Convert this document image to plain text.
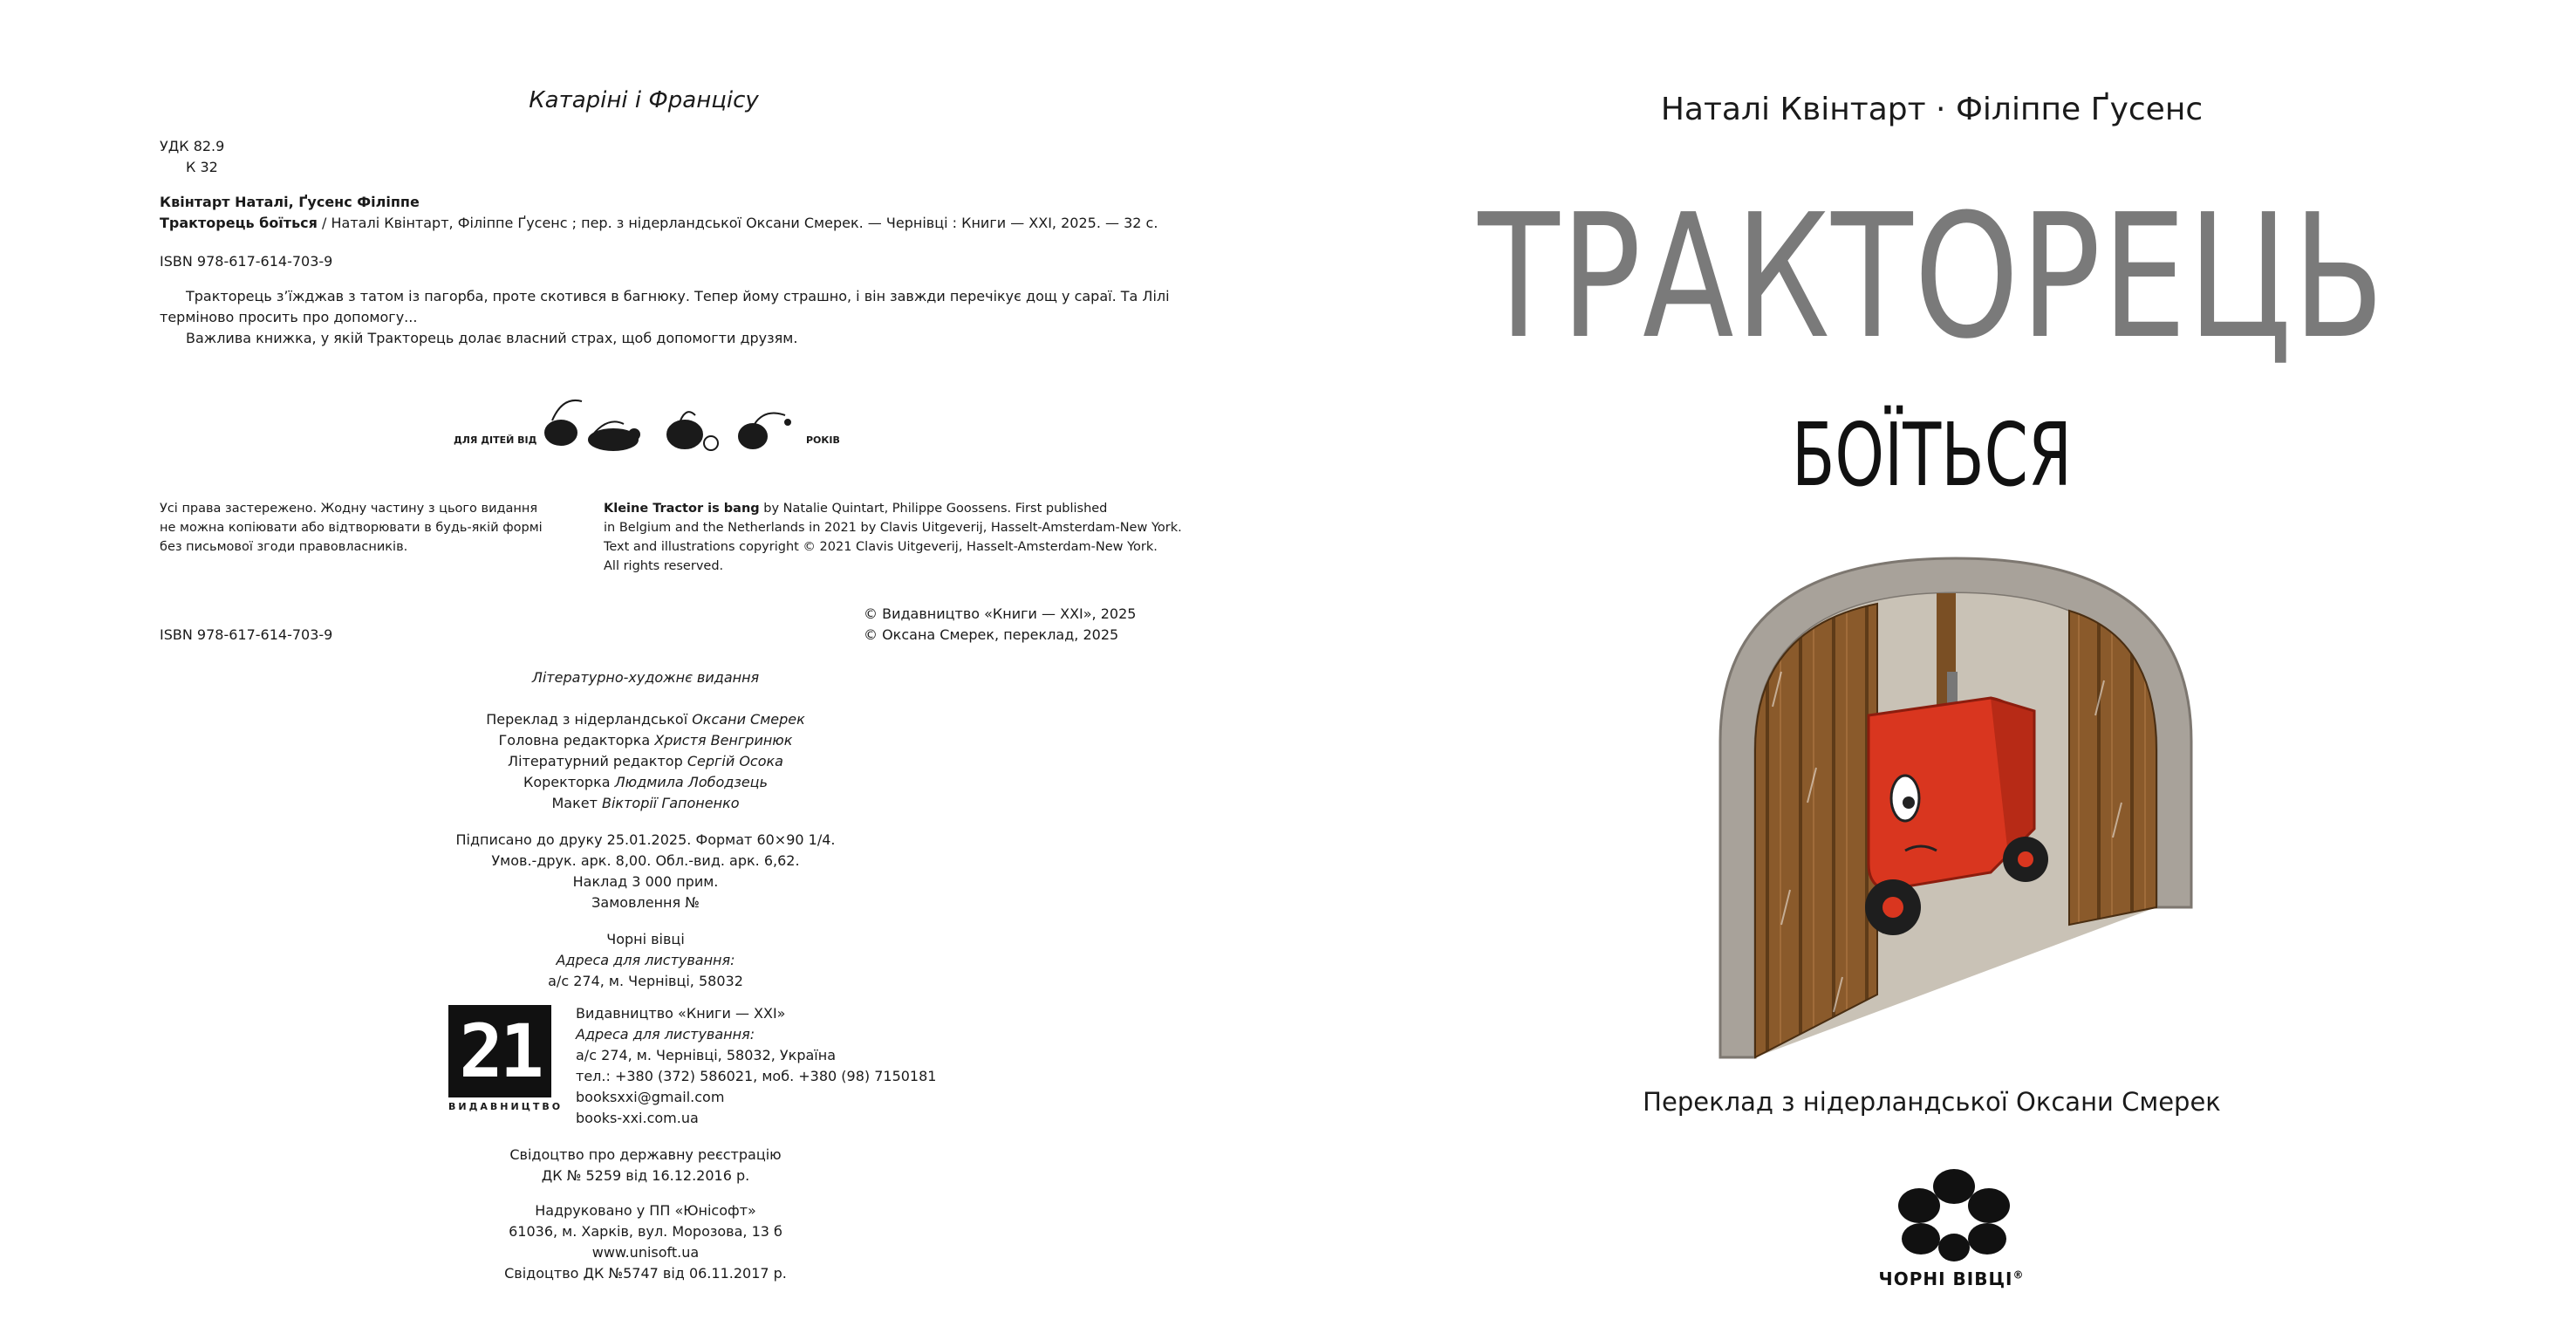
Катаріні і Францісу
УДК 82.9
К 32
Квінтарт Наталі, Ґусенс Філіппе
Тракторець боїться / Наталі Квінтарт, Філіппе Ґусенс ; пер. з нідерландської Оксани Смерек. — Чернівці : Книги — ХХІ, 2025. — 32 с.
ISBN 978-617-614-703-9
Тракторець з’їжджав з татом із пагорба, проте скотився в багнюку. Тепер йому страшно, і він завжди перечікує дощ у сараї. Та Лілі
терміново просить про допомогу...
Важлива книжка, у якій Тракторець долає власний страх, щоб допомогти друзям.
ДЛЯ ДІТЕЙ ВІД	РОКІВ
Усі права застережено. Жодну частину з цього видання
не можна копіювати або відтворювати в будь-якій формі
без письмової згоди правовласників.
Kleine Tractor is bang by Natalie Quintart, Philippe Goossens. First published
in Belgium and the Netherlands in 2021 by Clavis Uitgeverij, Hasselt-Amsterdam-New York.
Text and illustrations copyright © 2021 Clavis Uitgeverij, Hasselt-Amsterdam-New York.
All rights reserved.
© Видавництво «Книги — ХХІ», 2025
© Оксана Смерек, переклад, 2025
ISBN 978-617-614-703-9
Літературно-художнє видання
Переклад з нідерландської Оксани Смерек
Головна редакторка Христя Венгринюк
Літературний редактор Сергій Осока
Коректорка Людмила Лободзець
Макет Вікторії Гапоненко
Підписано до друку 25.01.2025. Формат 60×90 1/4.
Умов.-друк. арк. 8,00. Обл.-вид. арк. 6,62.
Наклад 3 000 прим.
Замовлення №
Чорні вівці
Адреса для листування:
а/с 274, м. Чернівці, 58032
21
ВИДАВНИЦТВО
Видавництво «Книги — ХХІ»
Адреса для листування:
а/с 274, м. Чернівці, 58032, Україна
тел.: +380 (372) 586021, моб. +380 (98) 7150181
booksxxi@gmail.com
books-xxi.com.ua
Свідоцтво про державну реєстрацію
ДК № 5259 від 16.12.2016 р.
Надруковано у ПП «Юнісофт»
61036, м. Харків, вул. Морозова, 13 б
www.unisoft.ua
Свідоцтво ДК №5747 від 06.11.2017 р.
Наталі Квінтарт · Філіппе Ґусенс
ТРАКТОРЕЦЬ
БОЇТЬСЯ
Переклад з нідерландської Оксани Смерек
ЧОРНІ ВІВЦІ®
